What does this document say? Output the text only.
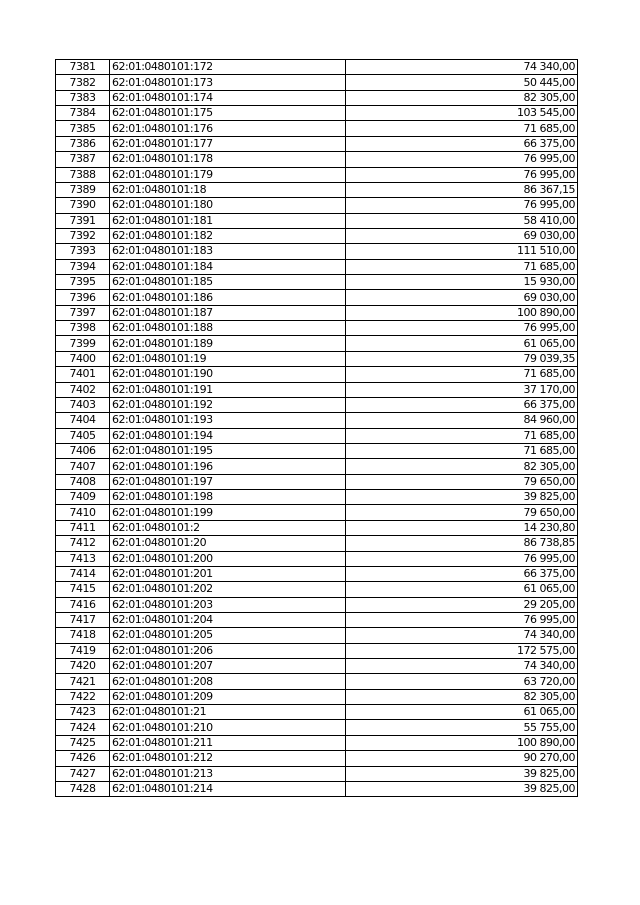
7381	62:01:0480101:172	74 340,00
7382	62:01:0480101:173	50 445,00
7383	62:01:0480101:174	82 305,00
7384	62:01:0480101:175	103 545,00
7385	62:01:0480101:176	71 685,00
7386	62:01:0480101:177	66 375,00
7387	62:01:0480101:178	76 995,00
7388	62:01:0480101:179	76 995,00
7389	62:01:0480101:18	86 367,15
7390	62:01:0480101:180	76 995,00
7391	62:01:0480101:181	58 410,00
7392	62:01:0480101:182	69 030,00
7393	62:01:0480101:183	111 510,00
7394	62:01:0480101:184	71 685,00
7395	62:01:0480101:185	15 930,00
7396	62:01:0480101:186	69 030,00
7397	62:01:0480101:187	100 890,00
7398	62:01:0480101:188	76 995,00
7399	62:01:0480101:189	61 065,00
7400	62:01:0480101:19	79 039,35
7401	62:01:0480101:190	71 685,00
7402	62:01:0480101:191	37 170,00
7403	62:01:0480101:192	66 375,00
7404	62:01:0480101:193	84 960,00
7405	62:01:0480101:194	71 685,00
7406	62:01:0480101:195	71 685,00
7407	62:01:0480101:196	82 305,00
7408	62:01:0480101:197	79 650,00
7409	62:01:0480101:198	39 825,00
7410	62:01:0480101:199	79 650,00
7411	62:01:0480101:2	14 230,80
7412	62:01:0480101:20	86 738,85
7413	62:01:0480101:200	76 995,00
7414	62:01:0480101:201	66 375,00
7415	62:01:0480101:202	61 065,00
7416	62:01:0480101:203	29 205,00
7417	62:01:0480101:204	76 995,00
7418	62:01:0480101:205	74 340,00
7419	62:01:0480101:206	172 575,00
7420	62:01:0480101:207	74 340,00
7421	62:01:0480101:208	63 720,00
7422	62:01:0480101:209	82 305,00
7423	62:01:0480101:21	61 065,00
7424	62:01:0480101:210	55 755,00
7425	62:01:0480101:211	100 890,00
7426	62:01:0480101:212	90 270,00
7427	62:01:0480101:213	39 825,00
7428	62:01:0480101:214	39 825,00
